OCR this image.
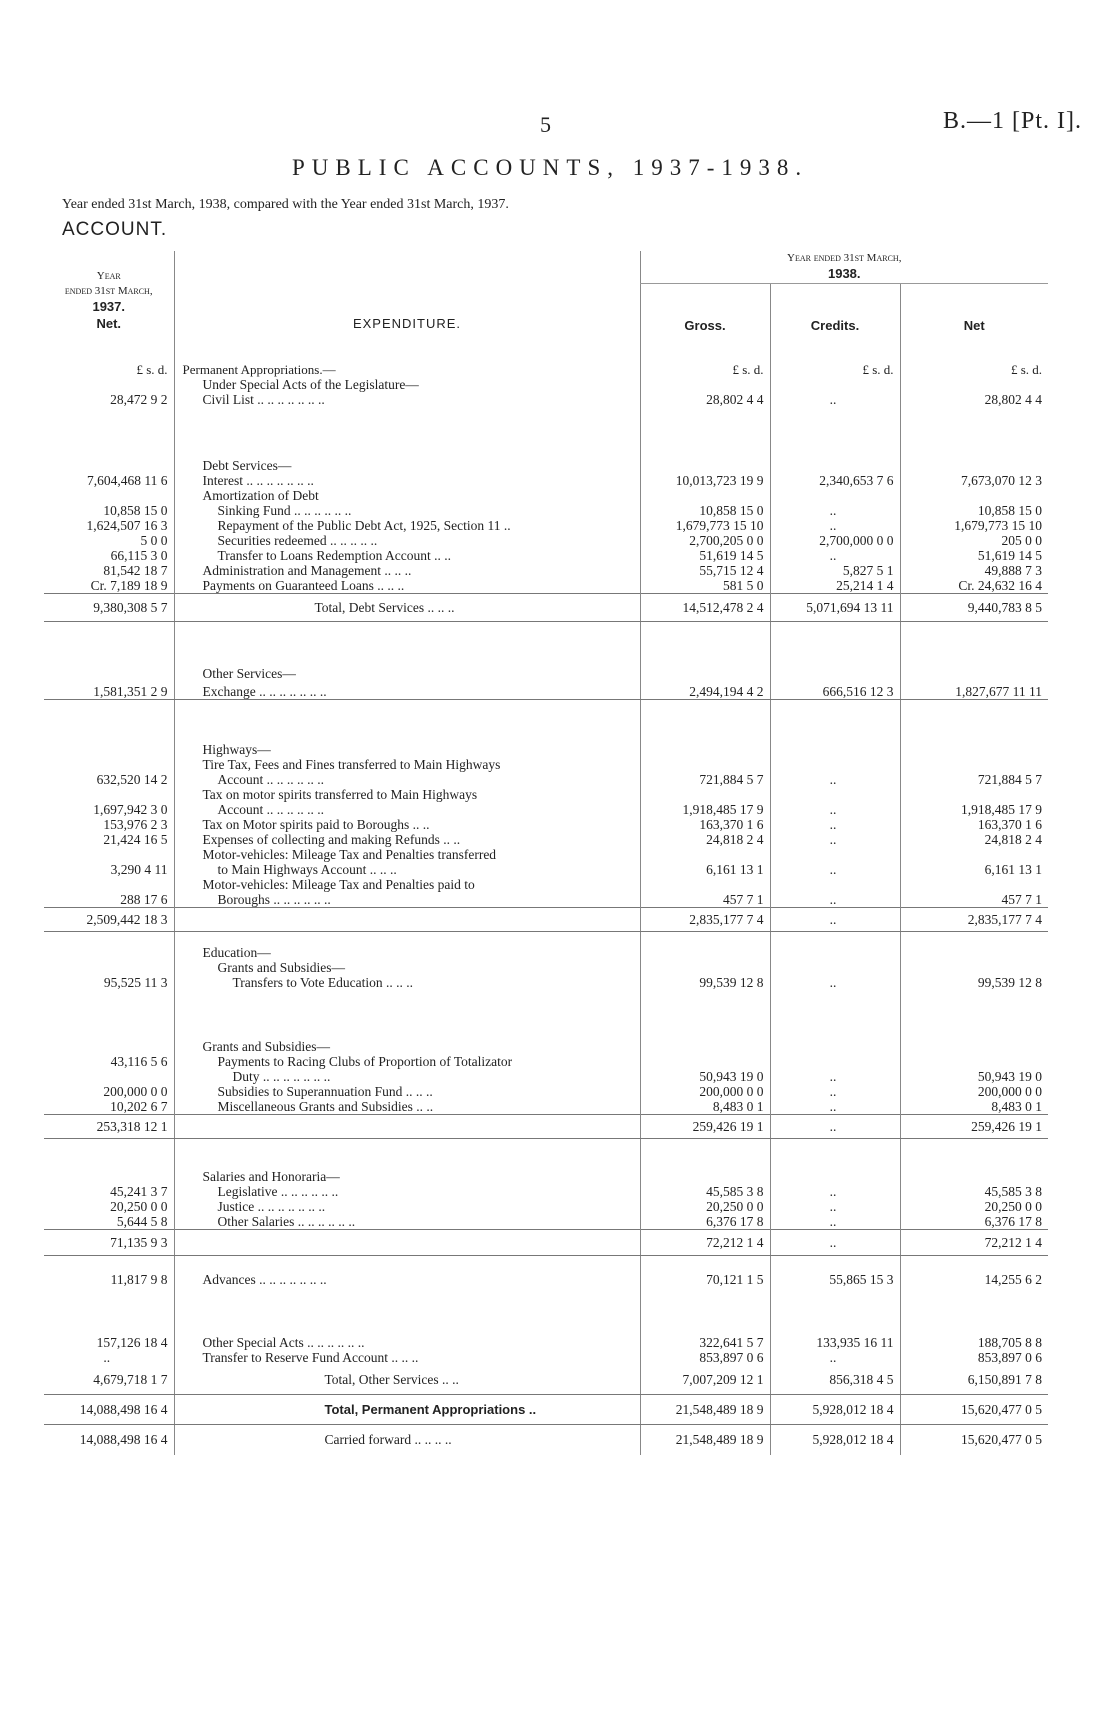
5	B.—1 [Pt. I].
PUBLIC ACCOUNTS, 1937-1938.
Year ended 31st March, 1938, compared with the Year ended 31st March, 1937.
ACCOUNT.
Year	EXPENDITURE.	Year ended 31st March,
1938.		
ended 31st March,		Gross.	Credits.	Net
1937.
Net.				
£ s. d.	Permanent Appropriations.—	£ s. d.	£ s. d.	£ s. d.
	Under Special Acts of the Legislature—			
28,472 9 2	Civil List .. .. .. .. .. .. ..	28,802 4 4	..	28,802 4 4
	Debt Services—			
7,604,468 11 6	Interest .. .. .. .. .. .. ..	10,013,723 19 9	2,340,653 7 6	7,673,070 12 3
	Amortization of Debt			
10,858 15 0	Sinking Fund .. .. .. .. .. ..	10,858 15 0	..	10,858 15 0
1,624,507 16 3	Repayment of the Public Debt Act, 1925, Section 11 ..	1,679,773 15 10	..	1,679,773 15 10
5 0 0	Securities redeemed .. .. .. .. ..	2,700,205 0 0	2,700,000 0 0	205 0 0
66,115 3 0	Transfer to Loans Redemption Account .. ..	51,619 14 5	..	51,619 14 5
81,542 18 7	Administration and Management .. .. ..	55,715 12 4	5,827 5 1	49,888 7 3
Cr. 7,189 18 9	Payments on Guaranteed Loans .. .. ..	581 5 0	25,214 1 4	Cr. 24,632 16 4
9,380,308 5 7	Total, Debt Services .. .. ..	14,512,478 2 4	5,071,694 13 11	9,440,783 8 5
	Other Services—			
1,581,351 2 9	Exchange .. .. .. .. .. .. ..	2,494,194 4 2	666,516 12 3	1,827,677 11 11
	Highways—			
	Tire Tax, Fees and Fines transferred to Main Highways			
632,520 14 2	Account .. .. .. .. .. ..	721,884 5 7	..	721,884 5 7
	Tax on motor spirits transferred to Main Highways			
1,697,942 3 0	Account .. .. .. .. .. ..	1,918,485 17 9	..	1,918,485 17 9
153,976 2 3	Tax on Motor spirits paid to Boroughs .. ..	163,370 1 6	..	163,370 1 6
21,424 16 5	Expenses of collecting and making Refunds .. ..	24,818 2 4	..	24,818 2 4
	Motor-vehicles: Mileage Tax and Penalties transferred			
3,290 4 11	to Main Highways Account .. .. ..	6,161 13 1	..	6,161 13 1
	Motor-vehicles: Mileage Tax and Penalties paid to			
288 17 6	Boroughs .. .. .. .. .. ..	457 7 1	..	457 7 1
2,509,442 18 3		2,835,177 7 4	..	2,835,177 7 4
	Education—			
	Grants and Subsidies—			
95,525 11 3	Transfers to Vote Education .. .. ..	99,539 12 8	..	99,539 12 8
	Grants and Subsidies—			
43,116 5 6	Payments to Racing Clubs of Proportion of Totalizator			
	Duty .. .. .. .. .. .. ..	50,943 19 0	..	50,943 19 0
200,000 0 0	Subsidies to Superannuation Fund .. .. ..	200,000 0 0	..	200,000 0 0
10,202 6 7	Miscellaneous Grants and Subsidies .. ..	8,483 0 1	..	8,483 0 1
253,318 12 1		259,426 19 1	..	259,426 19 1
	Salaries and Honoraria—			
45,241 3 7	Legislative .. .. .. .. .. ..	45,585 3 8	..	45,585 3 8
20,250 0 0	Justice .. .. .. .. .. .. ..	20,250 0 0	..	20,250 0 0
5,644 5 8	Other Salaries .. .. .. .. .. ..	6,376 17 8	..	6,376 17 8
71,135 9 3		72,212 1 4	..	72,212 1 4
11,817 9 8	Advances .. .. .. .. .. .. ..	70,121 1 5	55,865 15 3	14,255 6 2
157,126 18 4	Other Special Acts .. .. .. .. .. ..	322,641 5 7	133,935 16 11	188,705 8 8
..	Transfer to Reserve Fund Account .. .. ..	853,897 0 6	..	853,897 0 6
4,679,718 1 7	Total, Other Services .. ..	7,007,209 12 1	856,318 4 5	6,150,891 7 8
14,088,498 16 4	Total, Permanent Appropriations ..	21,548,489 18 9	5,928,012 18 4	15,620,477 0 5
14,088,498 16 4	Carried forward .. .. .. ..	21,548,489 18 9	5,928,012 18 4	15,620,477 0 5
